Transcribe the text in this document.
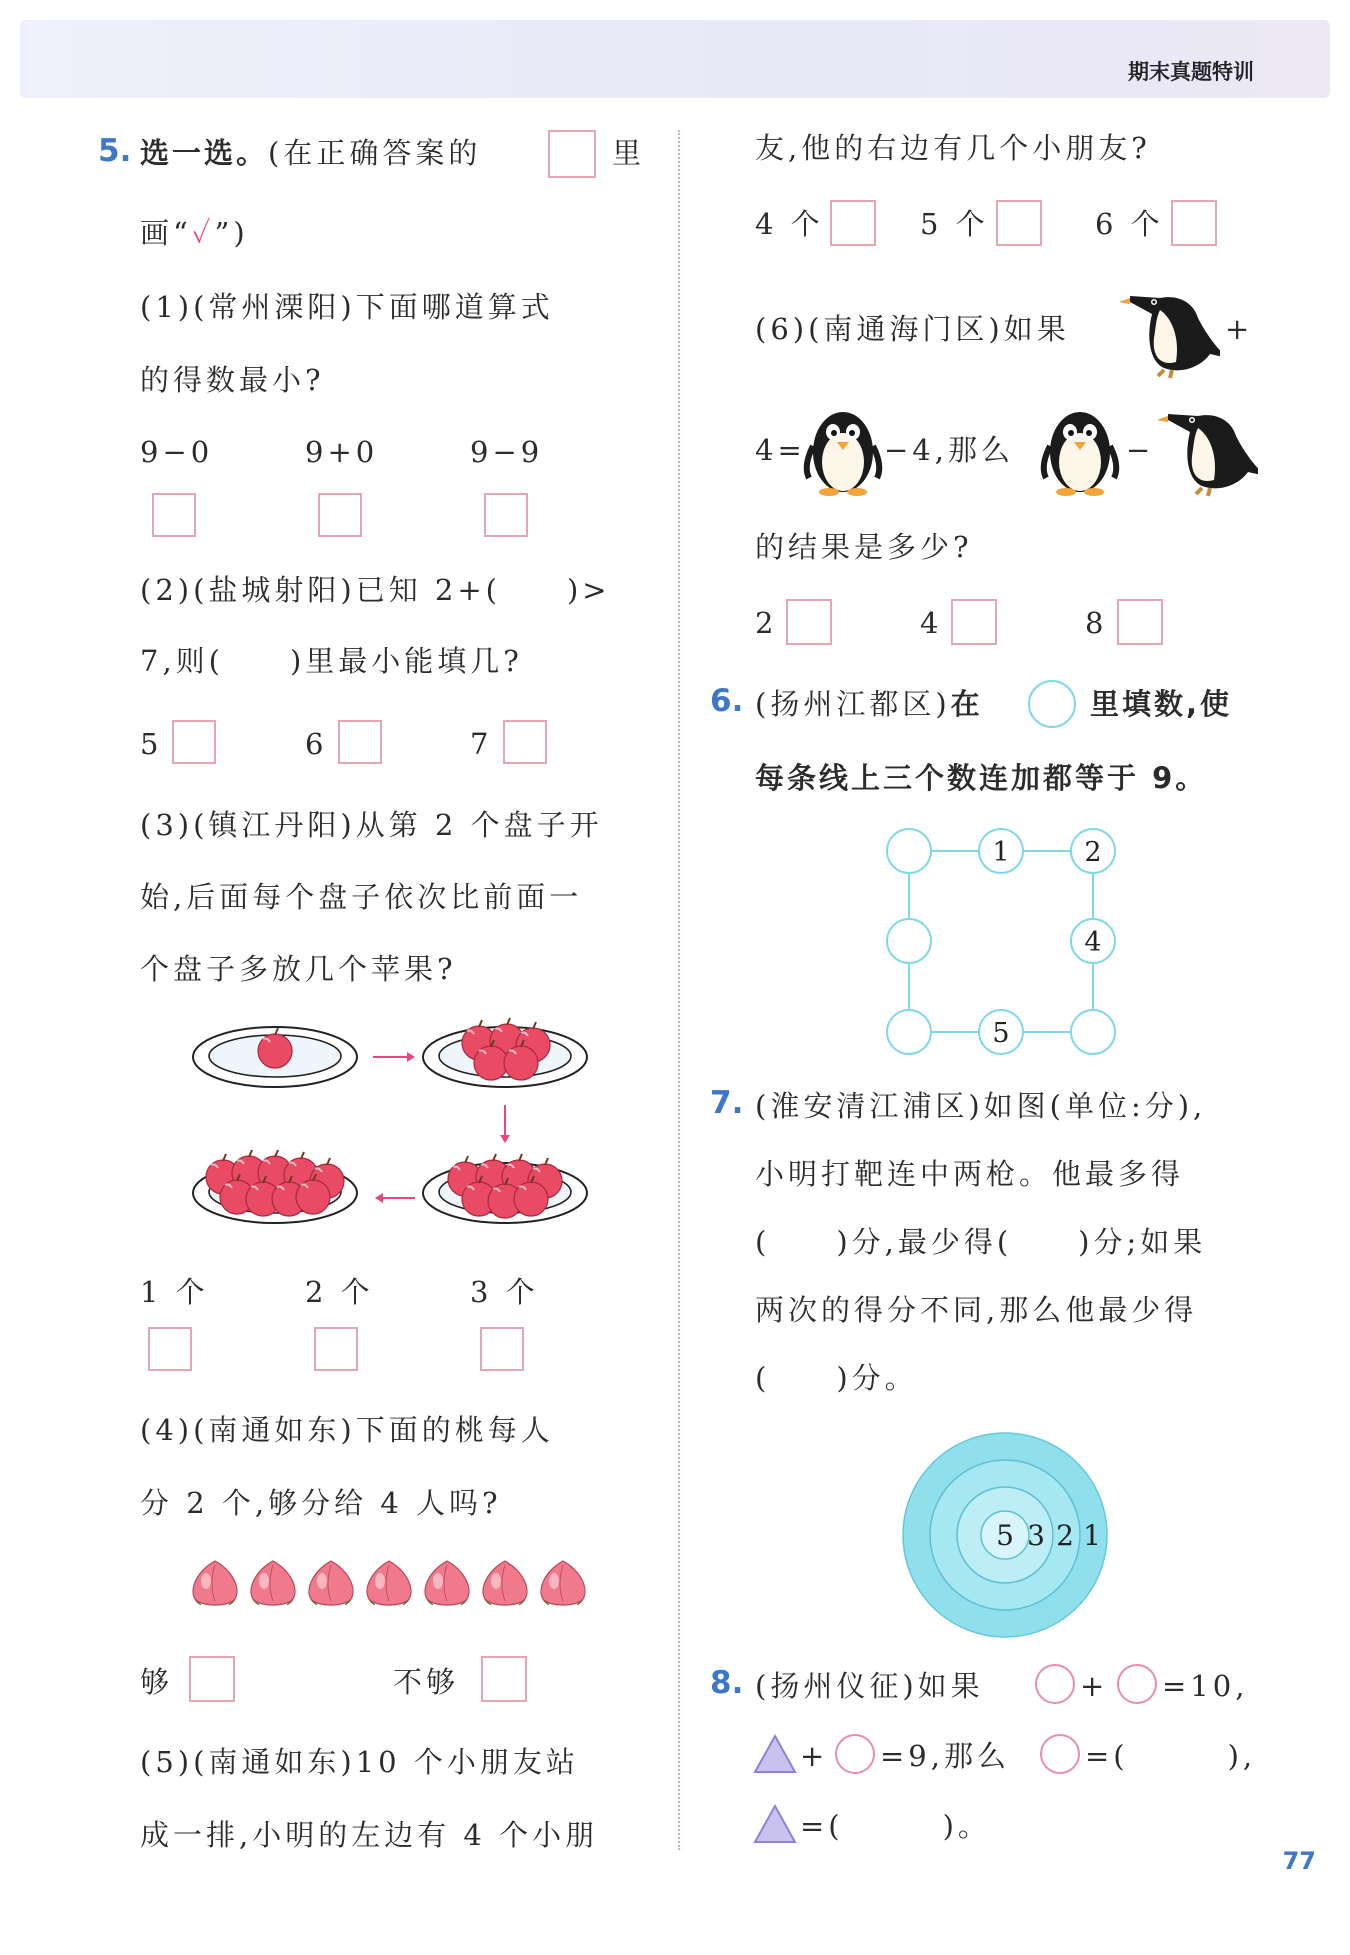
期末真题特训
5. 选一选。(在正确答案的	里
画“✓”)
(1)(常州溧阳)下面哪道算式
的得数最小?
9−0	9+0	9−9
(2)(盐城射阳)已知 2+(　　)>
7,则(　　)里最小能填几?
5	6	7
(3)(镇江丹阳)从第 2 个盘子开
始,后面每个盘子依次比前面一
个盘子多放几个苹果?
1 个	2 个	3 个
(4)(南通如东)下面的桃每人
分 2 个,够分给 4 人吗?
够	不够
(5)(南通如东)10 个小朋友站
成一排,小明的左边有 4 个小朋
友,他的右边有几个小朋友?
4 个	5 个	6 个
(6)(南通海门区)如果	+
4=	−4,那么	−
的结果是多少?
2	4	8
6. (扬州江都区)在	里填数,使
每条线上三个数连加都等于 9。
1	2
4
5
7. (淮安清江浦区)如图(单位:分),
小明打靶连中两枪。他最多得
(　　)分,最少得(　　)分;如果
两次的得分不同,那么他最少得
(　　)分。
5 3 2 1
8. (扬州仪征)如果	+ =10,
+ =9,那么	=(　　　),
=(　　　)。
77
